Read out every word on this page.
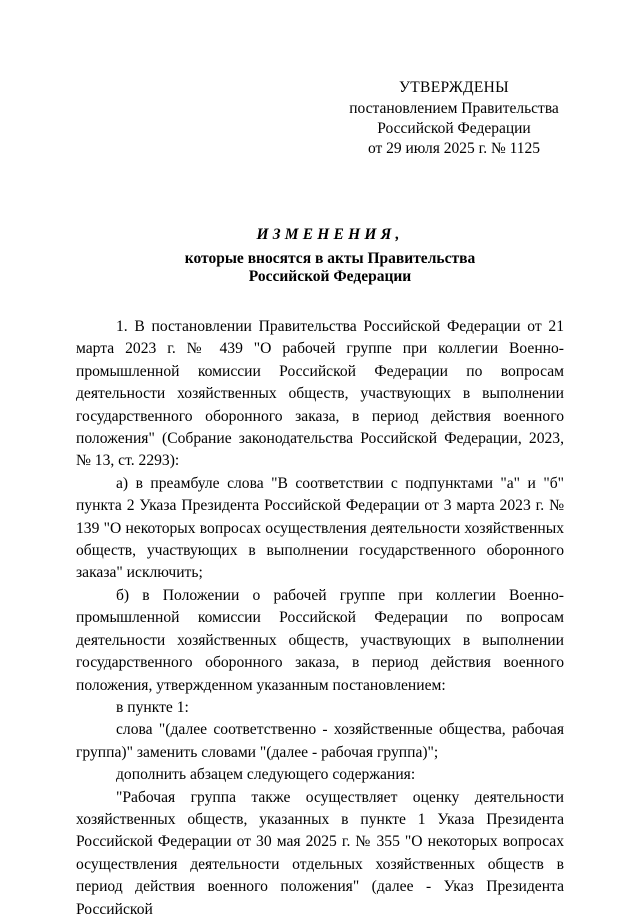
УТВЕРЖДЕНЫ
постановлением Правительства
Российской Федерации
от 29 июля 2025 г. № 1125
ИЗМЕНЕНИЯ,
которые вносятся в акты Правительства
Российской Федерации

1. В постановлении Правительства Российской Федерации от 21 марта 2023 г. № 439 "О рабочей группе при коллегии Военно-промышленной комиссии Российской Федерации по вопросам деятельности хозяйственных обществ, участвующих в выполнении государственного оборонного заказа, в период действия военного положения" (Собрание законодательства Российской Федерации, 2023, № 13, ст. 2293):

а) в преамбуле слова "В соответствии с подпунктами "а" и "б" пункта 2 Указа Президента Российской Федерации от 3 марта 2023 г. № 139 "О некоторых вопросах осуществления деятельности хозяйственных обществ, участвующих в выполнении государственного оборонного заказа" исключить;

б) в Положении о рабочей группе при коллегии Военно-промышленной комиссии Российской Федерации по вопросам деятельности хозяйственных обществ, участвующих в выполнении государственного оборонного заказа, в период действия военного положения, утвержденном указанным постановлением:

в пункте 1:

слова "(далее соответственно - хозяйственные общества, рабочая группа)" заменить словами "(далее - рабочая группа)";

дополнить абзацем следующего содержания:

"Рабочая группа также осуществляет оценку деятельности хозяйственных обществ, указанных в пункте 1 Указа Президента Российской Федерации от 30 мая 2025 г. № 355 "О некоторых вопросах осуществления деятельности отдельных хозяйственных обществ в период действия военного положения" (далее - Указ Президента Российской
